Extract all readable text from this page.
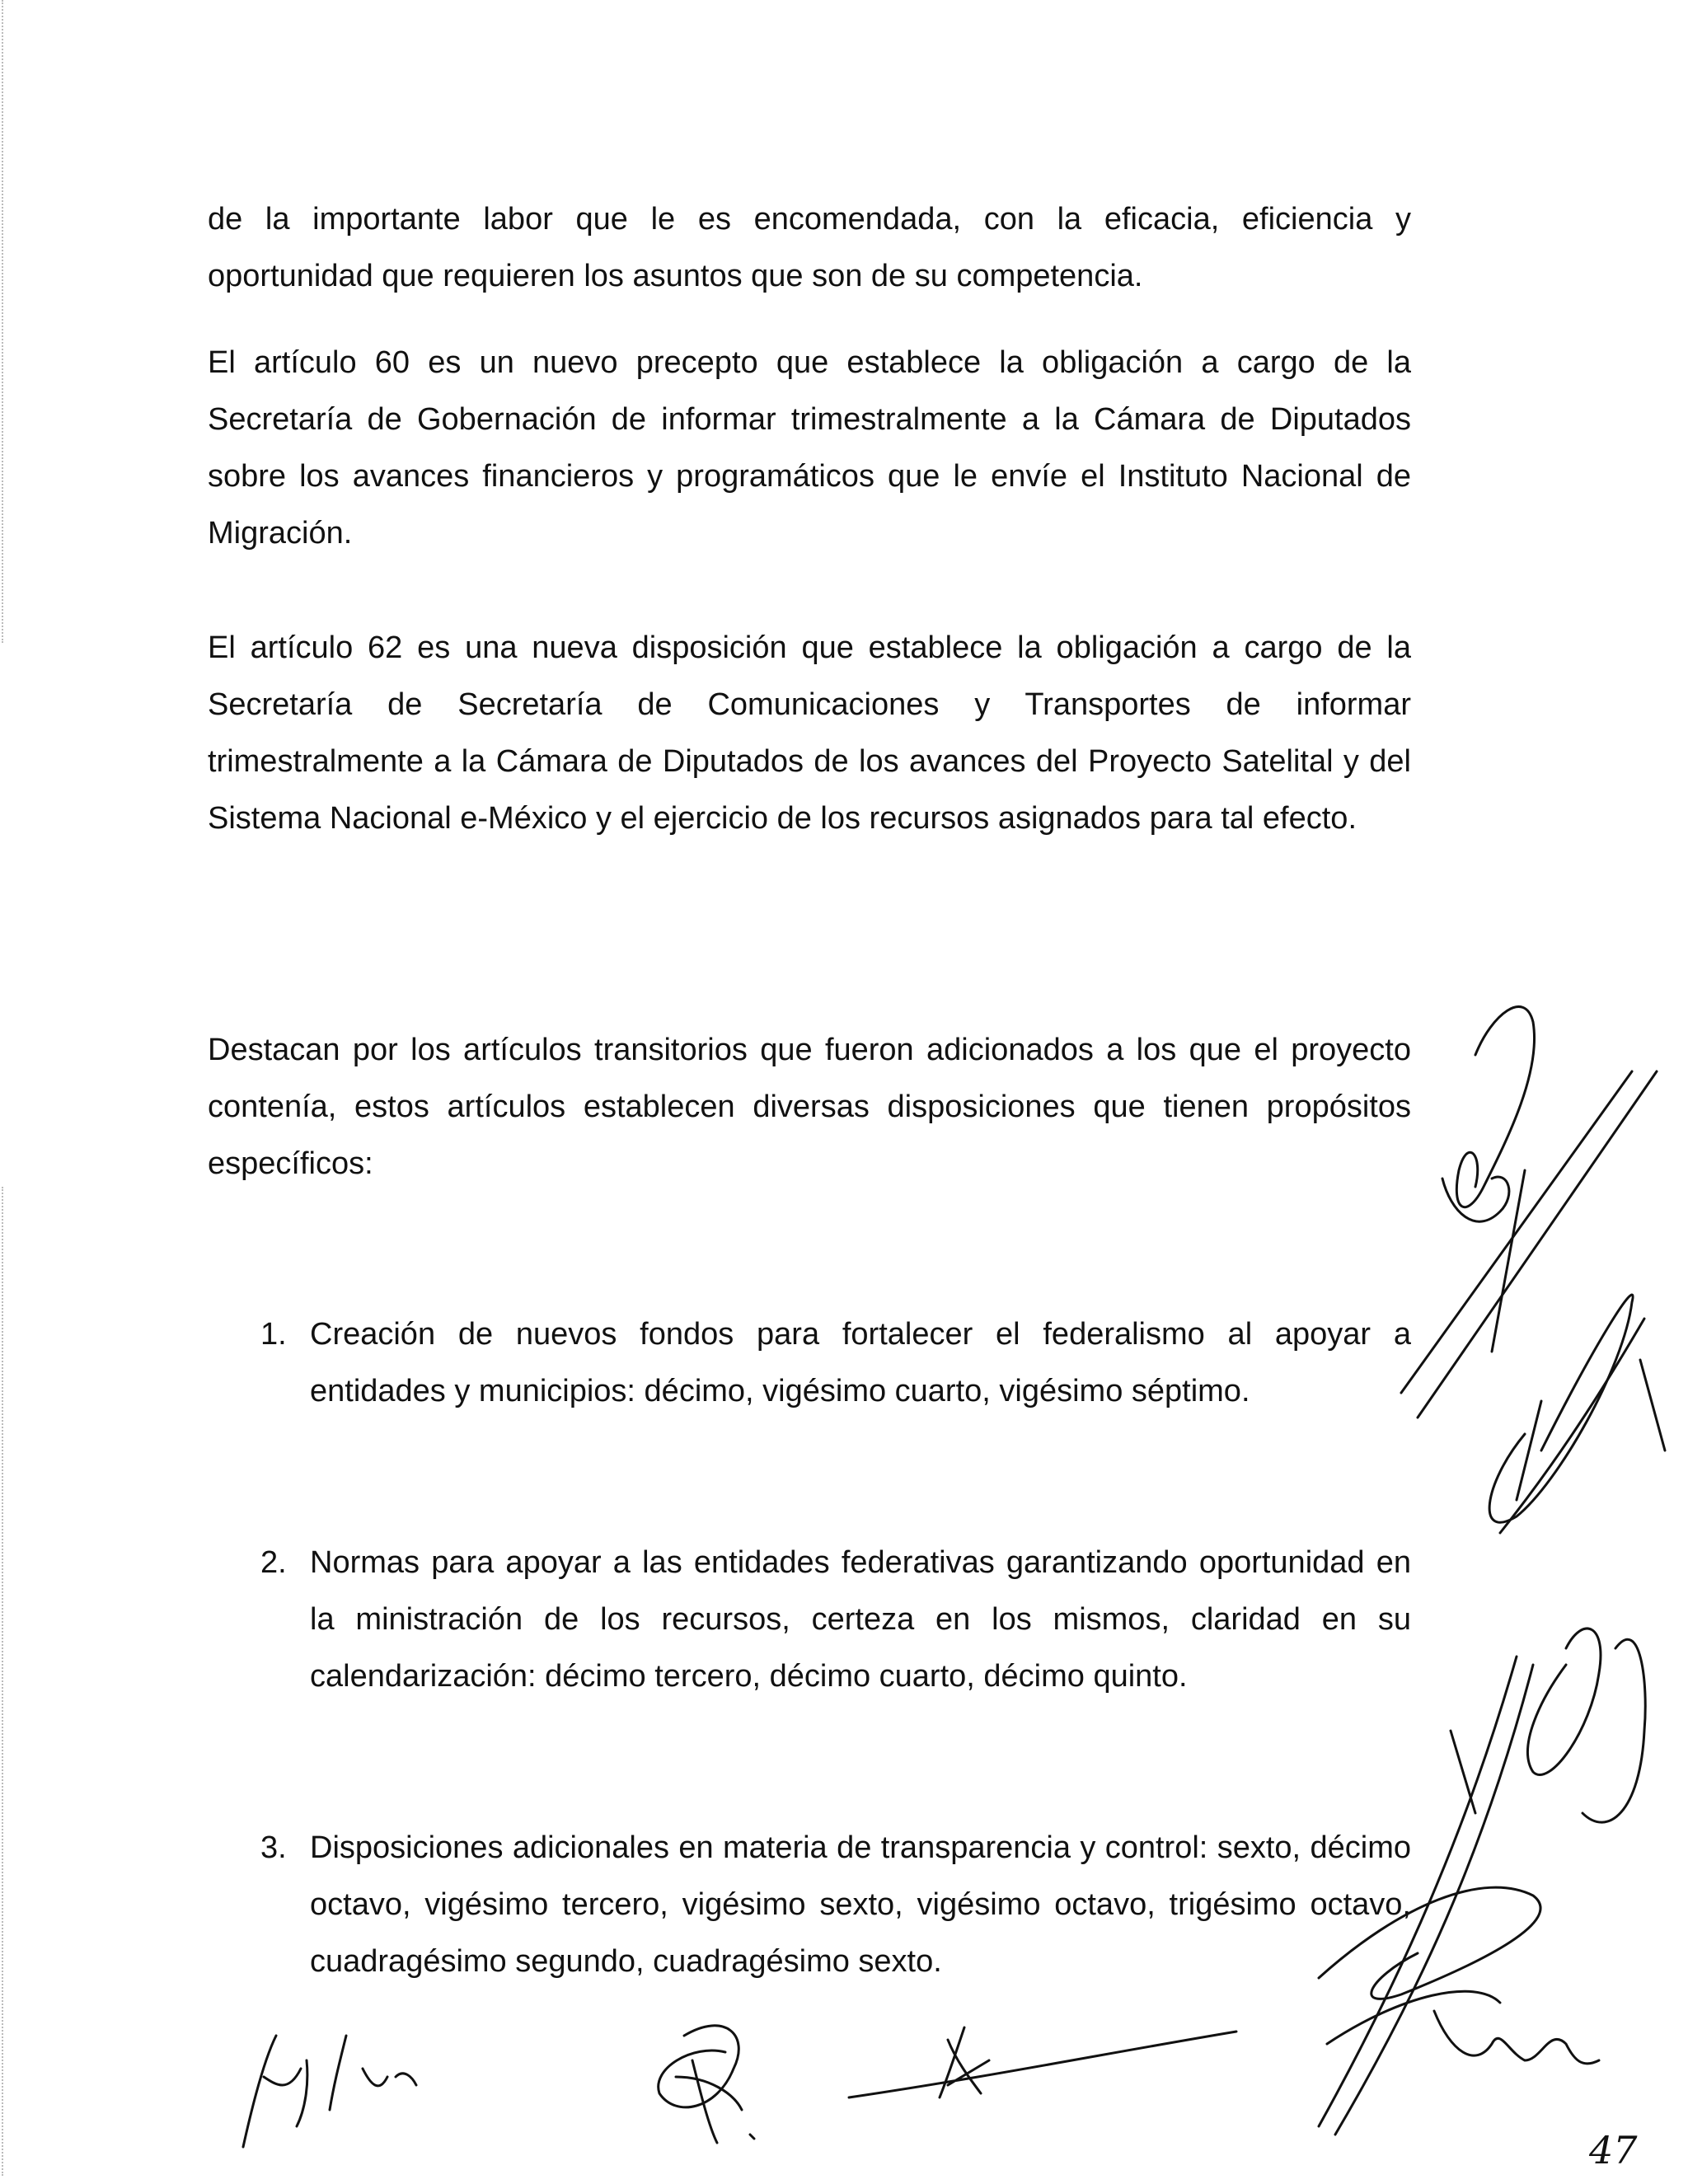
de la importante labor que le es encomendada, con la eficacia, eficiencia y oportunidad que requieren los asuntos que son de su competencia.

El artículo 60 es un nuevo precepto que establece la obligación a cargo de la Secretaría de Gobernación de informar trimestralmente a la Cámara de Diputados sobre los avances financieros y programáticos que le envíe el Instituto Nacional de Migración.

El artículo 62 es una nueva disposición que establece la obligación a cargo de la Secretaría de Secretaría de Comunicaciones y Transportes de informar trimestralmente a la Cámara de Diputados de los avances del Proyecto Satelital y del Sistema Nacional e-México y el ejercicio de los recursos asignados para tal efecto.

Destacan por los artículos transitorios que fueron adicionados a los que el proyecto contenía, estos artículos establecen diversas disposiciones que tienen propósitos específicos:

1. Creación de nuevos fondos para fortalecer el federalismo al apoyar a entidades y municipios: décimo, vigésimo cuarto, vigésimo séptimo.
2. Normas para apoyar a las entidades federativas garantizando oportunidad en la ministración de los recursos, certeza en los mismos, claridad en su calendarización: décimo tercero, décimo cuarto, décimo quinto.
3. Disposiciones adicionales en materia de transparencia y control: sexto, décimo octavo, vigésimo tercero, vigésimo sexto, vigésimo octavo, trigésimo octavo, cuadragésimo segundo, cuadragésimo sexto.
47
